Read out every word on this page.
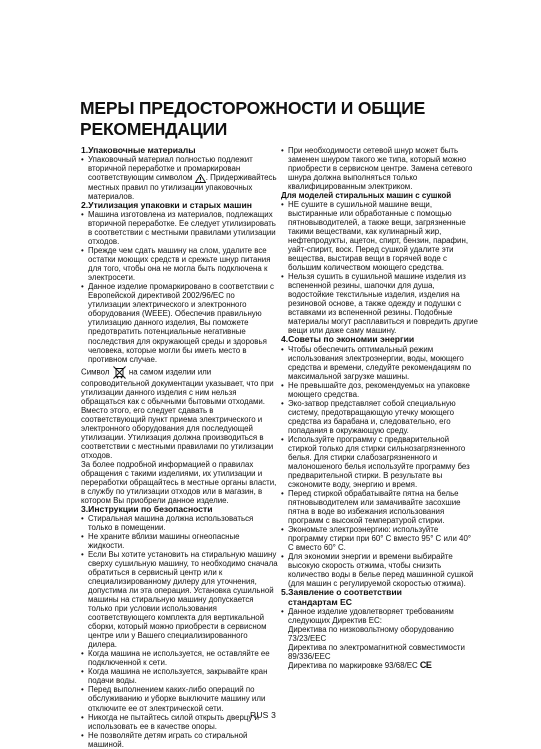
МЕРЫ ПРЕДОСТОРОЖНОСТИ И ОБЩИЕ РЕКОМЕНДАЦИИ
1.Упаковочные материалы
• Упаковочный материал полностью подлежит вторичной переработке и промаркирован соответствующим символом . Придерживайтесь местных правил по утилизации упаковочных материалов.
2.Утилизация упаковки и старых машин
• Машина изготовлена из материалов, подлежащих вторичной переработке. Ее следует утилизировать в соответствии с местными правилами утилизации отходов.
• Прежде чем сдать машину на слом, удалите все остатки моющих средств и срежьте шнур питания для того, чтобы она не могла быть подключена к электросети.
• Данное изделие промаркировано в соответствии с Европейской директивой 2002/96/ЕС по утилизации электрического и электронного оборудования (WEEE). Обеспечив правильную утилизацию данного изделия, Вы поможете предотвратить потенциальные негативные последствия для окружающей среды и здоровья человека, которые могли бы иметь место в противном случае.
Символ на самом изделии или сопроводительной документации указывает, что при утилизации данного изделия с ним нельзя обращаться как с обычными бытовыми отходами. Вместо этого, его следует сдавать в соответствующий пункт приема электрического и электронного оборудования для последующей утилизации. Утилизация должна производиться в соответствии с местными правилами по утилизации отходов.
За более подробной информацией о правилах обращения с такими изделиями, их утилизации и переработки обращайтесь в местные органы власти, в службу по утилизации отходов или в магазин, в котором Вы приобрели данное изделие.
3.Инструкции по безопасности
• Стиральная машина должна использоваться только в помещении.
• Не храните вблизи машины огнеопасные жидкости.
• Если Вы хотите установить на стиральную машину сверху сушильную машину, то необходимо сначала обратиться в сервисный центр или к специализированному дилеру для уточнения, допустима ли эта операция. Установка сушильной машины на стиральную машину допускается только при условии использования соответствующего комплекта для вертикальной сборки, который можно приобрести в сервисном центре или у Вашего специализированного дилера.
• Когда машина не используется, не оставляйте ее подключенной к сети.
• Когда машина не используется, закрывайте кран подачи воды.
• Перед выполнением каких-либо операций по обслуживанию и уборке выключите машину или отключите ее от электрической сети.
• Никогда не пытайтесь силой открыть дверцу и использовать ее в качестве опоры.
• Не позволяйте детям играть со стиральной машиной.
• При необходимости сетевой шнур может быть заменен шнуром такого же типа, который можно приобрести в сервисном центре. Замена сетевого шнура должна выполняться только квалифицированным электриком.
Для моделей стиральных машин с сушкой
• НЕ сушите в сушильной машине вещи, выстиранные или обработанные с помощью пятновыводителей, а также вещи, загрязненные такими веществами, как кулинарный жир, нефтепродукты, ацетон, спирт, бензин, парафин, уайт-спирит, воск. Перед сушкой удалите эти вещества, выстирав вещи в горячей воде с большим количеством моющего средства.
• Нельзя сушить в сушильной машине изделия из вспененной резины, шапочки для душа, водостойкие текстильные изделия, изделия на резиновой основе, а также одежду и подушки с вставками из вспененной резины. Подобные материалы могут расплавиться и повредить другие вещи или даже саму машину.
4.Советы по экономии энергии
• Чтобы обеспечить оптимальный режим использования электроэнергии, воды, моющего средства и времени, следуйте рекомендациям по максимальной загрузке машины.
• Не превышайте доз, рекомендуемых на упаковке моющего средства.
• Эко-затвор представляет собой специальную систему, предотвращающую утечку моющего средства из барабана и, следовательно, его попадания в окружающую среду.
• Используйте программу с предварительной стиркой только для стирки сильнозагрязненного белья. Для стирки слабозагрязненного и малоношеного белья используйте программу без предварительной стирки. В результате вы сэкономите воду, энергию и время.
• Перед стиркой обрабатывайте пятна на белье пятновыводителем или замачивайте засохшие пятна в воде во избежания использования программ с высокой температурой стирки.
• Экономьте электроэнергию: используйте программу стирки при 60° C вместо 95° C или 40° C вместо 60° C.
• Для экономии энергии и времени выбирайте высокую скорость отжима, чтобы снизить количество воды в белье перед машинной сушкой (для машин с регулируемой скоростью отжима).
5.Заявление о соответствии
стандартам ЕС
• Данное изделие удовлетворяет требованиям следующих Директив ЕС:
Директива по низковольтному оборудованию 73/23/EEC
Директива по электромагнитной совместимости 89/336/EEC
Директива по маркировке 93/68/EC CE
RUS 3
